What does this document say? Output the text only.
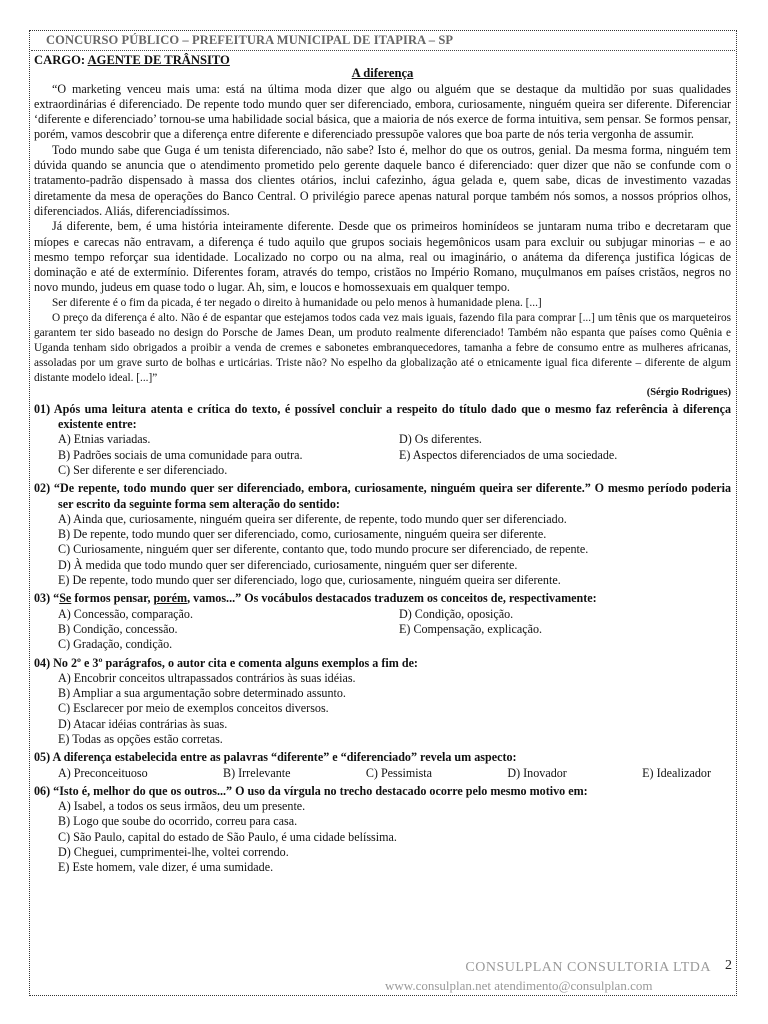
CONCURSO PÚBLICO – PREFEITURA MUNICIPAL DE ITAPIRA – SP
CARGO: AGENTE DE TRÂNSITO
A diferença

“O marketing venceu mais uma: está na última moda dizer que algo ou alguém que se destaque da multidão por suas qualidades extraordinárias é diferenciado. De repente todo mundo quer ser diferenciado, embora, curiosamente, ninguém queira ser diferente. Diferenciar ‘diferente e diferenciado’ tornou-se uma habilidade social básica, que a maioria de nós exerce de forma intuitiva, sem pensar. Se formos pensar, porém, vamos descobrir que a diferença entre diferente e diferenciado pressupõe valores que boa parte de nós teria vergonha de assumir.

Todo mundo sabe que Guga é um tenista diferenciado, não sabe? Isto é, melhor do que os outros, genial. Da mesma forma, ninguém tem dúvida quando se anuncia que o atendimento prometido pelo gerente daquele banco é diferenciado: quer dizer que não se confunde com o tratamento-padrão dispensado à massa dos clientes otários, inclui cafezinho, água gelada e, quem sabe, dicas de investimento vazadas diretamente da mesa de operações do Banco Central. O privilégio parece apenas natural porque também nós somos, a nossos próprios olhos, diferenciados. Aliás, diferenciadíssimos.

Já diferente, bem, é uma história inteiramente diferente. Desde que os primeiros hominídeos se juntaram numa tribo e decretaram que míopes e carecas não entravam, a diferença é tudo aquilo que grupos sociais hegemônicos usam para excluir ou subjugar minorias – e ao mesmo tempo reforçar sua identidade. Localizado no corpo ou na alma, real ou imaginário, o anátema da diferença justifica lógicas de dominação e até de extermínio. Diferentes foram, através do tempo, cristãos no Império Romano, muçulmanos em países cristãos, negros no novo mundo, judeus em quase todo o lugar. Ah, sim, e loucos e homossexuais em qualquer tempo.

Ser diferente é o fim da picada, é ter negado o direito à humanidade ou pelo menos à humanidade plena. [...]

O preço da diferença é alto. Não é de espantar que estejamos todos cada vez mais iguais, fazendo fila para comprar [...] um tênis que os marqueteiros garantem ter sido baseado no design do Porsche de James Dean, um produto realmente diferenciado! Também não espanta que países como Quênia e Uganda tenham sido obrigados a proibir a venda de cremes e sabonetes embranquecedores, tamanha a febre de consumo entre as mulheres africanas, assoladas por um grave surto de bolhas e urticárias. Triste não? No espelho da globalização até o etnicamente igual fica diferente – diferente de algum distante modelo ideal. [...]”

(Sérgio Rodrigues)

01) Após uma leitura atenta e crítica do texto, é possível concluir a respeito do título dado que o mesmo faz referência à diferença existente entre:

A) Etnias variadas.	D) Os diferentes.
B) Padrões sociais de uma comunidade para outra.	E) Aspectos diferenciados de uma sociedade.
C) Ser diferente e ser diferenciado.

02) “De repente, todo mundo quer ser diferenciado, embora, curiosamente, ninguém queira ser diferente.” O mesmo período poderia ser escrito da seguinte forma sem alteração do sentido:

A) Ainda que, curiosamente, ninguém queira ser diferente, de repente, todo mundo quer ser diferenciado.
B) De repente, todo mundo quer ser diferenciado, como, curiosamente, ninguém queira ser diferente.
C) Curiosamente, ninguém quer ser diferente, contanto que, todo mundo procure ser diferenciado, de repente.
D) À medida que todo mundo quer ser diferenciado, curiosamente, ninguém quer ser diferente.
E) De repente, todo mundo quer ser diferenciado, logo que, curiosamente, ninguém queira ser diferente.

03) “Se formos pensar, porém, vamos...” Os vocábulos destacados traduzem os conceitos de, respectivamente:

A) Concessão, comparação.	D) Condição, oposição.
B) Condição, concessão.	E) Compensação, explicação.
C) Gradação, condição.

04) No 2º e 3º parágrafos, o autor cita e comenta alguns exemplos a fim de:

A) Encobrir conceitos ultrapassados contrários às suas idéias.
B) Ampliar a sua argumentação sobre determinado assunto.
C) Esclarecer por meio de exemplos conceitos diversos.
D) Atacar idéias contrárias às suas.
E) Todas as opções estão corretas.

05) A diferença estabelecida entre as palavras “diferente” e “diferenciado” revela um aspecto:

A) Preconceituoso	B) Irrelevante	C) Pessimista	D) Inovador	E) Idealizador

06) “Isto é, melhor do que os outros...” O uso da vírgula no trecho destacado ocorre pelo mesmo motivo em:

A) Isabel, a todos os seus irmãos, deu um presente.
B) Logo que soube do ocorrido, correu para casa.
C) São Paulo, capital do estado de São Paulo, é uma cidade belíssima.
D) Cheguei, cumprimentei-lhe, voltei correndo.
E) Este homem, vale dizer, é uma sumidade.
CONSULPLAN CONSULTORIA LTDA	2
www.consulplan.net atendimento@consulplan.com
